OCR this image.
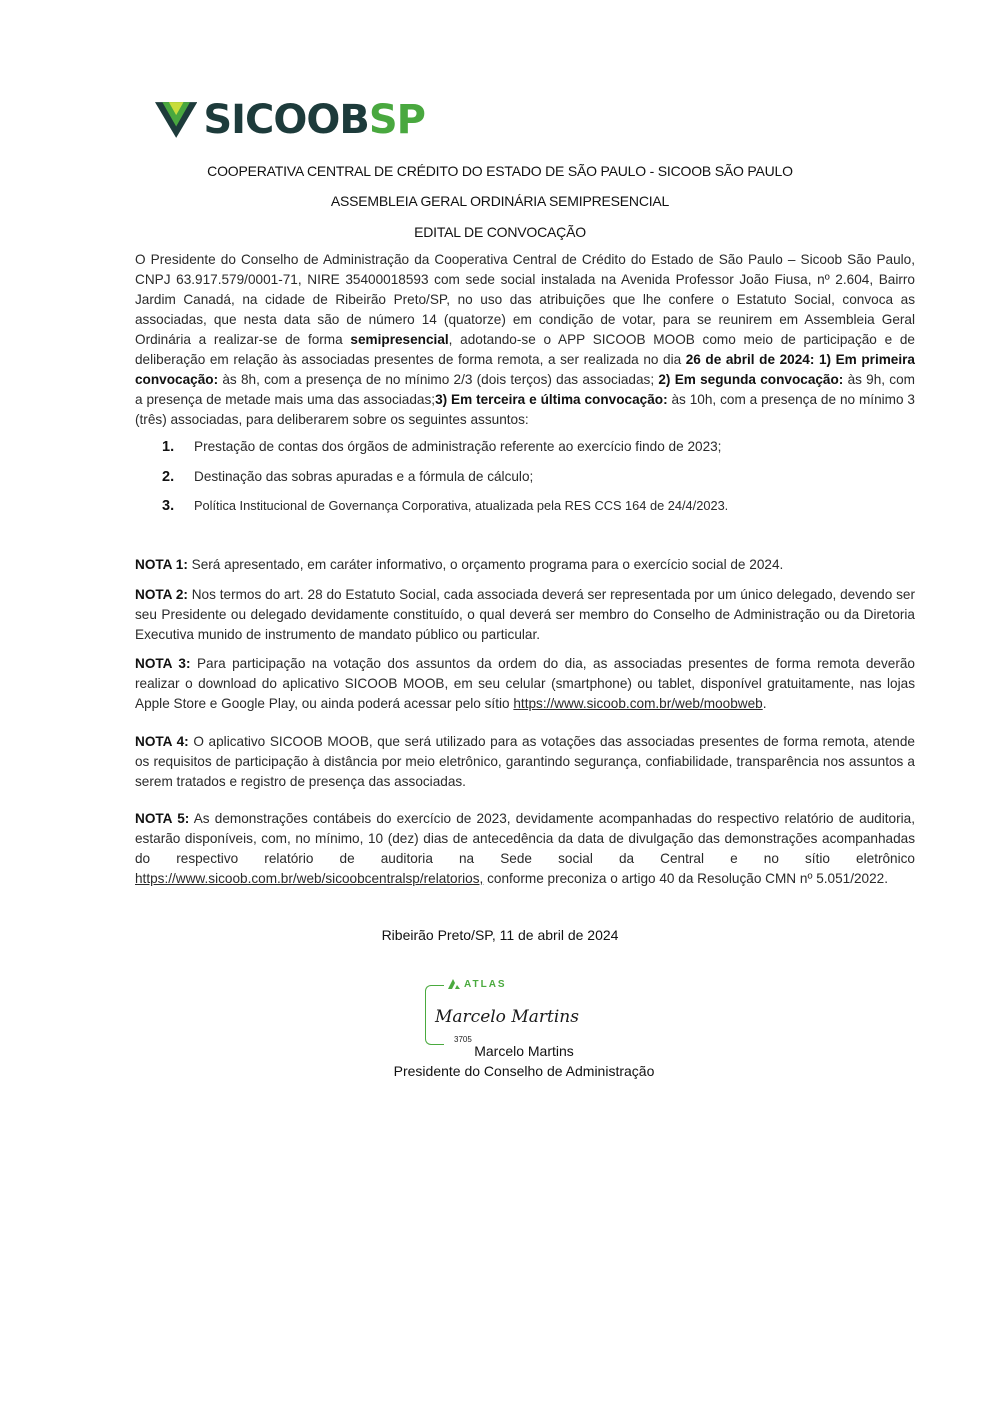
SICOOBSP
COOPERATIVA CENTRAL DE CRÉDITO DO ESTADO DE SÃO PAULO - SICOOB SÃO PAULO
ASSEMBLEIA GERAL ORDINÁRIA SEMIPRESENCIAL
EDITAL DE CONVOCAÇÃO
O Presidente do Conselho de Administração da Cooperativa Central de Crédito do Estado de São Paulo – Sicoob São Paulo, CNPJ 63.917.579/0001-71, NIRE 35400018593 com sede social instalada na Avenida Professor João Fiusa, nº 2.604, Bairro Jardim Canadá, na cidade de Ribeirão Preto/SP, no uso das atribuições que lhe confere o Estatuto Social, convoca as associadas, que nesta data são de número 14 (quatorze) em condição de votar, para se reunirem em Assembleia Geral Ordinária a realizar-se de forma semipresencial, adotando-se o APP SICOOB MOOB como meio de participação e de deliberação em relação às associadas presentes de forma remota, a ser realizada no dia 26 de abril de 2024: 1) Em primeira convocação: às 8h, com a presença de no mínimo 2/3 (dois terços) das associadas; 2) Em segunda convocação: às 9h, com a presença de metade mais uma das associadas;3) Em terceira e última convocação: às 10h, com a presença de no mínimo 3 (três) associadas, para deliberarem sobre os seguintes assuntos:
1. Prestação de contas dos órgãos de administração referente ao exercício findo de 2023;
2. Destinação das sobras apuradas e a fórmula de cálculo;
3. Política Institucional de Governança Corporativa, atualizada pela RES CCS 164 de 24/4/2023.
NOTA 1: Será apresentado, em caráter informativo, o orçamento programa para o exercício social de 2024.
NOTA 2: Nos termos do art. 28 do Estatuto Social, cada associada deverá ser representada por um único delegado, devendo ser seu Presidente ou delegado devidamente constituído, o qual deverá ser membro do Conselho de Administração ou da Diretoria Executiva munido de instrumento de mandato público ou particular.
NOTA 3: Para participação na votação dos assuntos da ordem do dia, as associadas presentes de forma remota deverão realizar o download do aplicativo SICOOB MOOB, em seu celular (smartphone) ou tablet, disponível gratuitamente, nas lojas Apple Store e Google Play, ou ainda poderá acessar pelo sítio https://www.sicoob.com.br/web/moobweb.
NOTA 4: O aplicativo SICOOB MOOB, que será utilizado para as votações das associadas presentes de forma remota, atende os requisitos de participação à distância por meio eletrônico, garantindo segurança, confiabilidade, transparência nos assuntos a serem tratados e registro de presença das associadas.
NOTA 5: As demonstrações contábeis do exercício de 2023, devidamente acompanhadas do respectivo relatório de auditoria, estarão disponíveis, com, no mínimo, 10 (dez) dias de antecedência da data de divulgação das demonstrações acompanhadas do respectivo relatório de auditoria na Sede social da Central e no sítio eletrônico https://www.sicoob.com.br/web/sicoobcentralsp/relatorios, conforme preconiza o artigo 40 da Resolução CMN nº 5.051/2022.
Ribeirão Preto/SP, 11 de abril de 2024
ATLAS
Marcelo Martins
3705
Marcelo Martins
Presidente do Conselho de Administração
